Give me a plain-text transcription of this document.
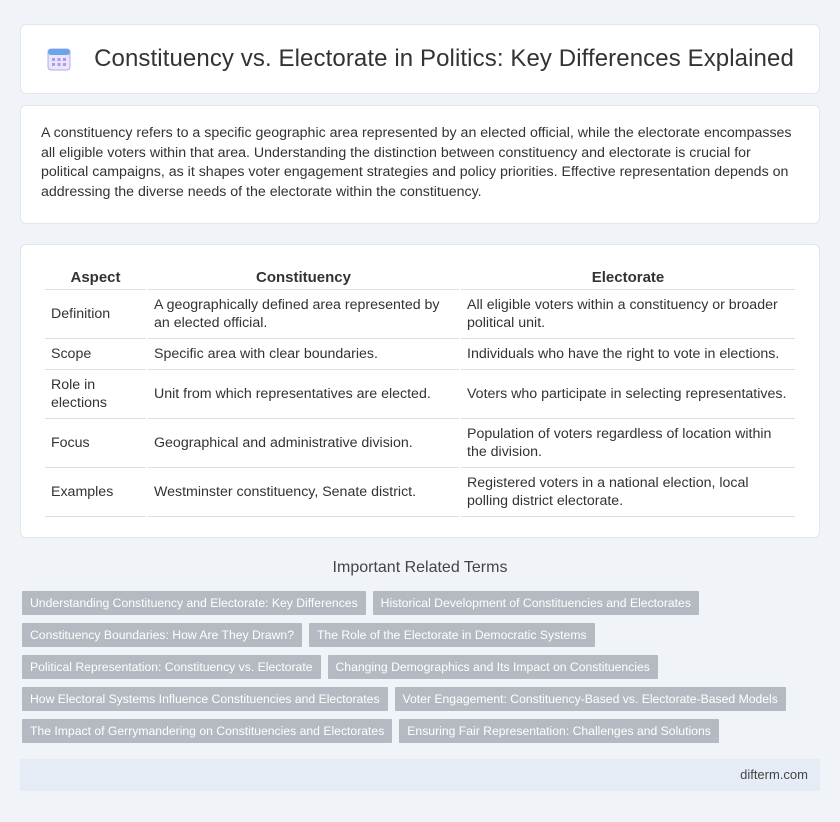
Constituency vs. Electorate in Politics: Key Differences Explained

A constituency refers to a specific geographic area represented by an elected official, while the electorate encompasses all eligible voters within that area. Understanding the distinction between constituency and electorate is crucial for political campaigns, as it shapes voter engagement strategies and policy priorities. Effective representation depends on addressing the diverse needs of the electorate within the constituency.

Aspect	Constituency	Electorate
Definition	A geographically defined area represented by an elected official.	All eligible voters within a constituency or broader political unit.
Scope	Specific area with clear boundaries.	Individuals who have the right to vote in elections.
Role in elections	Unit from which representatives are elected.	Voters who participate in selecting representatives.
Focus	Geographical and administrative division.	Population of voters regardless of location within the division.
Examples	Westminster constituency, Senate district.	Registered voters in a national election, local polling district electorate.
Important Related Terms
Understanding Constituency and Electorate: Key Differences	Historical Development of Constituencies and Electorates
Constituency Boundaries: How Are They Drawn?	The Role of the Electorate in Democratic Systems
Political Representation: Constituency vs. Electorate	Changing Demographics and Its Impact on Constituencies
How Electoral Systems Influence Constituencies and Electorates	Voter Engagement: Constituency-Based vs. Electorate-Based Models
The Impact of Gerrymandering on Constituencies and Electorates	Ensuring Fair Representation: Challenges and Solutions
difterm.com
